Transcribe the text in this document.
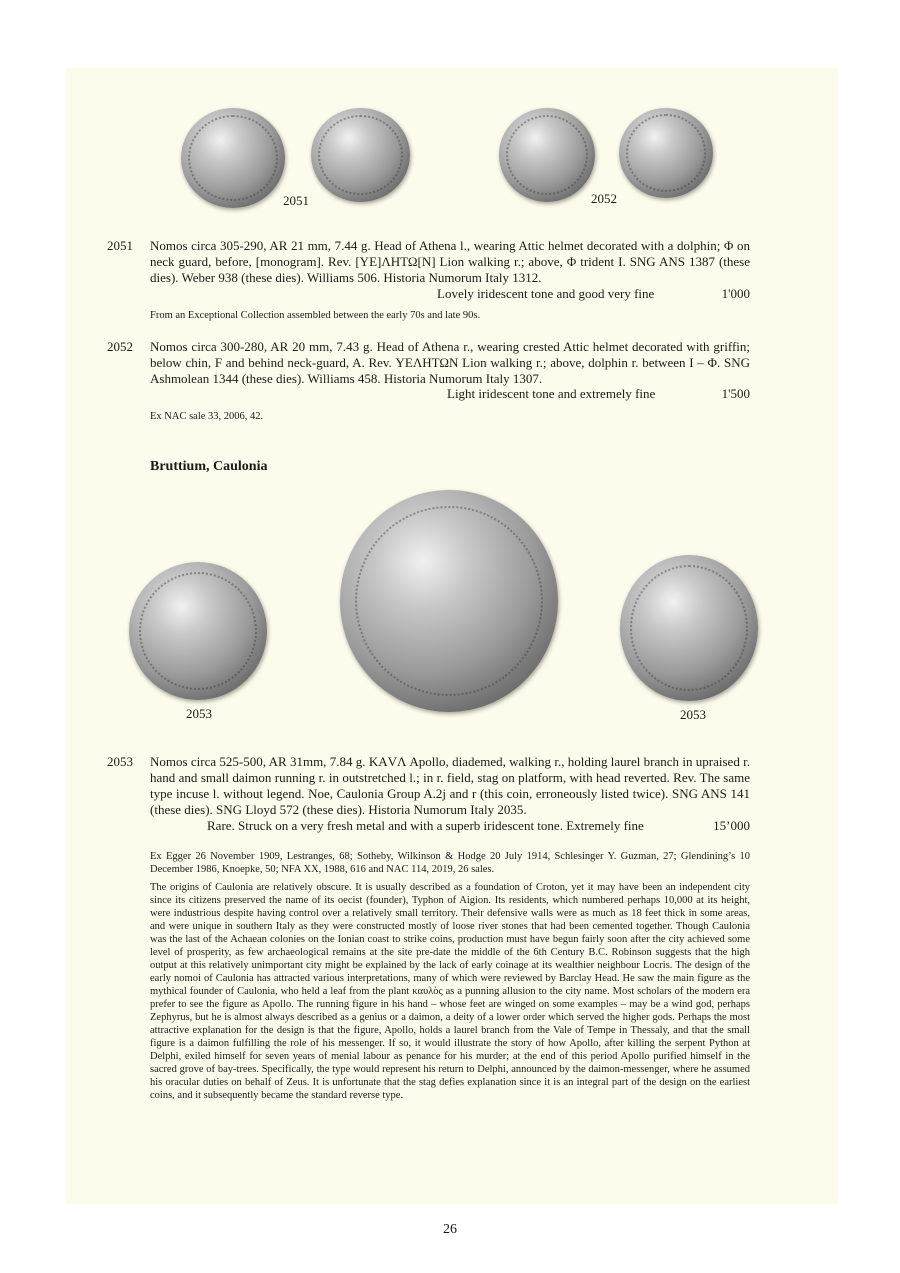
2051	2052
2051 Nomos circa 305-290, AR 21 mm, 7.44 g. Head of Athena l., wearing Attic helmet decorated with a dolphin; Φ on neck guard, before, [monogram]. Rev. [ΥΕ]ΛΗΤΩ[Ν] Lion walking r.; above, Φ trident I. SNG ANS 1387 (these dies). Weber 938 (these dies). Williams 506. Historia Numorum Italy 1312.
Lovely iridescent tone and good very fine	1'000
From an Exceptional Collection assembled between the early 70s and late 90s.
2052 Nomos circa 300-280, AR 20 mm, 7.43 g. Head of Athena r., wearing crested Attic helmet decorated with griffin; below chin, F and behind neck-guard, A. Rev. ΥΕΛΗΤΩΝ Lion walking r.; above, dolphin r. between I – Φ. SNG Ashmolean 1344 (these dies). Williams 458. Historia Numorum Italy 1307.
Light iridescent tone and extremely fine	1'500
Ex NAC sale 33, 2006, 42.
Bruttium, Caulonia
2053	2053
2053 Nomos circa 525-500, AR 31mm, 7.84 g. ΚΑVΛ Apollo, diademed, walking r., holding laurel branch in upraised r. hand and small daimon running r. in outstretched l.; in r. field, stag on platform, with head reverted. Rev. The same type incuse l. without legend. Noe, Caulonia Group A.2j and r (this coin, erroneously listed twice). SNG ANS 141 (these dies). SNG Lloyd 572 (these dies). Historia Numorum Italy 2035.
Rare. Struck on a very fresh metal and with a superb iridescent tone. Extremely fine	15’000
Ex Egger 26 November 1909, Lestranges, 68; Sotheby, Wilkinson & Hodge 20 July 1914, Schlesinger Y. Guzman, 27; Glendining’s 10 December 1986, Knoepke, 50; NFA XX, 1988, 616 and NAC 114, 2019, 26 sales.
The origins of Caulonia are relatively obscure. It is usually described as a foundation of Croton, yet it may have been an independent city since its citizens preserved the name of its oecist (founder), Typhon of Aigion. Its residents, which numbered perhaps 10,000 at its height, were industrious despite having control over a relatively small territory. Their defensive walls were as much as 18 feet thick in some areas, and were unique in southern Italy as they were constructed mostly of loose river stones that had been cemented together. Though Caulonia was the last of the Achaean colonies on the Ionian coast to strike coins, production must have begun fairly soon after the city achieved some level of prosperity, as few archaeological remains at the site pre-date the middle of the 6th Century B.C. Robinson suggests that the high output at this relatively unimportant city might be explained by the lack of early coinage at its wealthier neighbour Locris. The design of the early nomoi of Caulonia has attracted various interpretations, many of which were reviewed by Barclay Head. He saw the main figure as the mythical founder of Caulonia, who held a leaf from the plant καυλὸς as a punning allusion to the city name. Most scholars of the modern era prefer to see the figure as Apollo. The running figure in his hand – whose feet are winged on some examples – may be a wind god, perhaps Zephyrus, but he is almost always described as a genius or a daimon, a deity of a lower order which served the higher gods. Perhaps the most attractive explanation for the design is that the figure, Apollo, holds a laurel branch from the Vale of Tempe in Thessaly, and that the small figure is a daimon fulfilling the role of his messenger. If so, it would illustrate the story of how Apollo, after killing the serpent Python at Delphi, exiled himself for seven years of menial labour as penance for his murder; at the end of this period Apollo purified himself in the sacred grove of bay-trees. Specifically, the type would represent his return to Delphi, announced by the daimon-messenger, where he assumed his oracular duties on behalf of Zeus. It is unfortunate that the stag defies explanation since it is an integral part of the design on the earliest coins, and it subsequently became the standard reverse type.
26
